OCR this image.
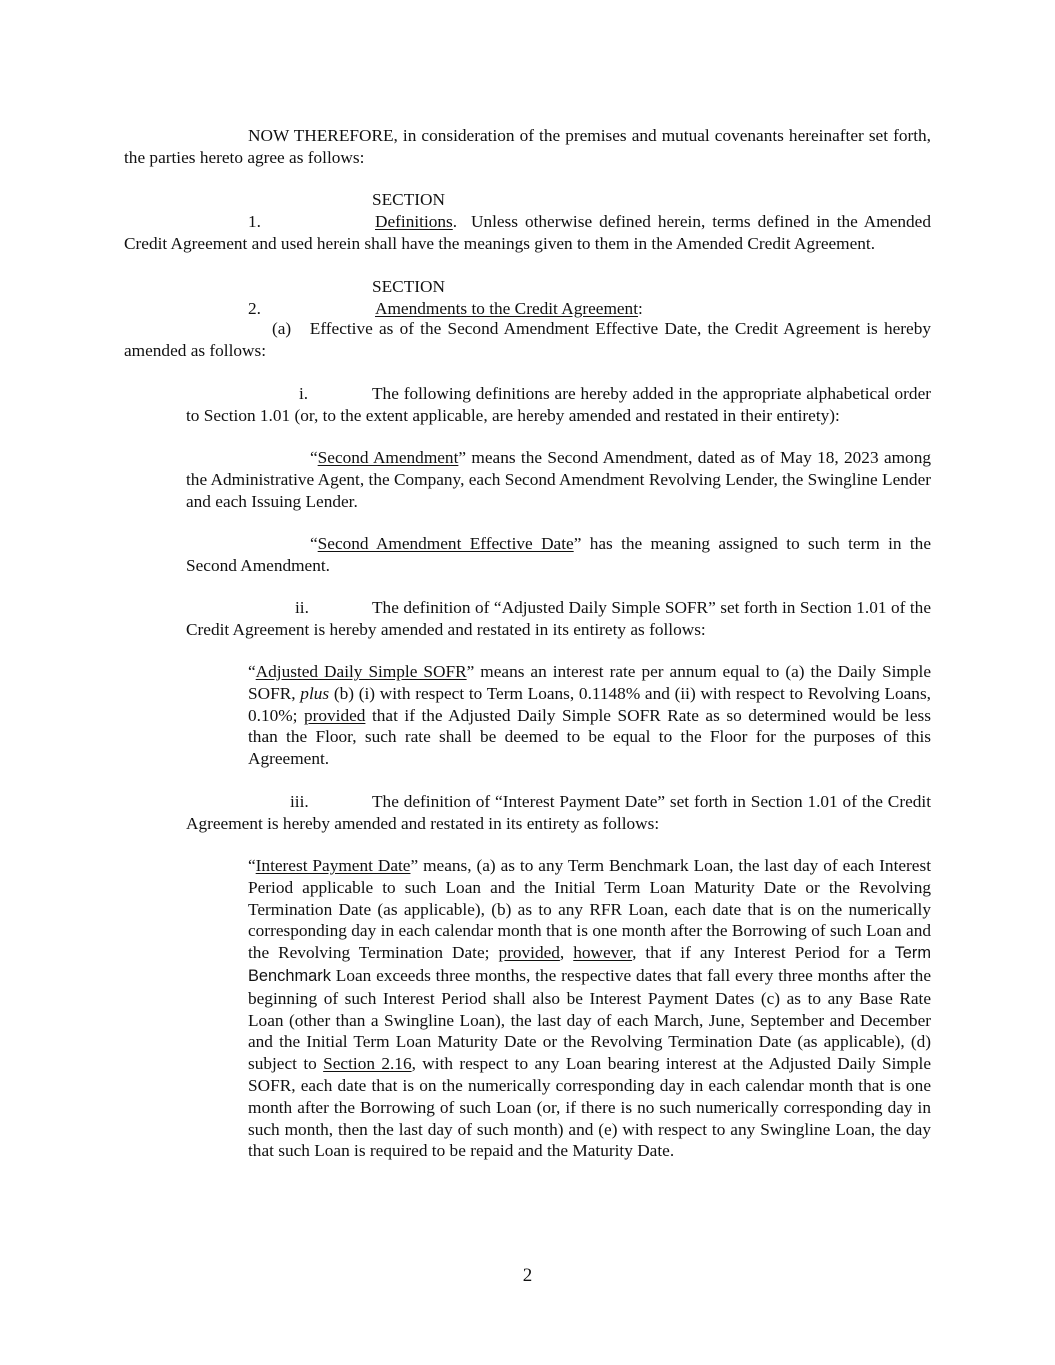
NOW THEREFORE, in consideration of the premises and mutual covenants hereinafter set forth, the parties hereto agree as follows:

SECTION 1.	Definitions. Unless otherwise defined herein, terms defined in the Amended Credit Agreement and used herein shall have the meanings given to them in the Amended Credit Agreement.

SECTION 2.	Amendments to the Credit Agreement:

(a) Effective as of the Second Amendment Effective Date, the Credit Agreement is hereby amended as follows:

i.	The following definitions are hereby added in the appropriate alphabetical order to Section 1.01 (or, to the extent applicable, are hereby amended and restated in their entirety):

“Second Amendment” means the Second Amendment, dated as of May 18, 2023 among the Administrative Agent, the Company, each Second Amendment Revolving Lender, the Swingline Lender and each Issuing Lender.

“Second Amendment Effective Date” has the meaning assigned to such term in the Second Amendment.

ii.	The definition of “Adjusted Daily Simple SOFR” set forth in Section 1.01 of the Credit Agreement is hereby amended and restated in its entirety as follows:

“Adjusted Daily Simple SOFR” means an interest rate per annum equal to (a) the Daily Simple SOFR, plus (b) (i) with respect to Term Loans, 0.1148% and (ii) with respect to Revolving Loans, 0.10%; provided that if the Adjusted Daily Simple SOFR Rate as so determined would be less than the Floor, such rate shall be deemed to be equal to the Floor for the purposes of this Agreement.

iii.	The definition of “Interest Payment Date” set forth in Section 1.01 of the Credit Agreement is hereby amended and restated in its entirety as follows:

“Interest Payment Date” means, (a) as to any Term Benchmark Loan, the last day of each Interest Period applicable to such Loan and the Initial Term Loan Maturity Date or the Revolving Termination Date (as applicable), (b) as to any RFR Loan, each date that is on the numerically corresponding day in each calendar month that is one month after the Borrowing of such Loan and the Revolving Termination Date; provided, however, that if any Interest Period for a Term Benchmark Loan exceeds three months, the respective dates that fall every three months after the beginning of such Interest Period shall also be Interest Payment Dates (c) as to any Base Rate Loan (other than a Swingline Loan), the last day of each March, June, September and December and the Initial Term Loan Maturity Date or the Revolving Termination Date (as applicable), (d) subject to Section 2.16, with respect to any Loan bearing interest at the Adjusted Daily Simple SOFR, each date that is on the numerically corresponding day in each calendar month that is one month after the Borrowing of such Loan (or, if there is no such numerically corresponding day in such month, then the last day of such month) and (e) with respect to any Swingline Loan, the day that such Loan is required to be repaid and the Maturity Date.

2
